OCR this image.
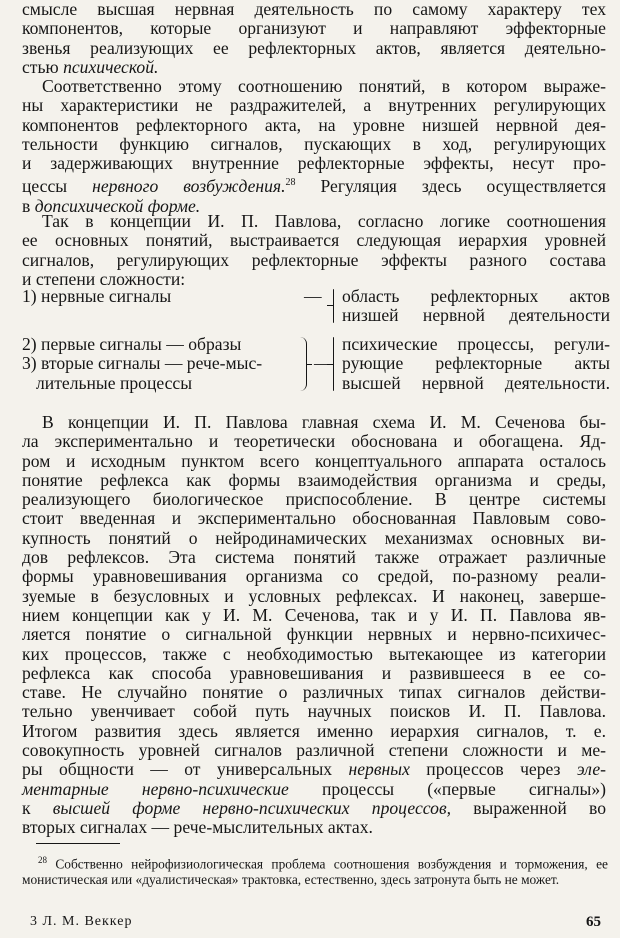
смысле высшая нервная деятельность по самому характеру тех
компонентов, которые организуют и направляют эффекторные
звенья реализующих ее рефлекторных актов, является деятельно-
стью психической.
Соответственно этому соотношению понятий, в котором выраже-
ны характеристики не раздражителей, а внутренних регулирующих
компонентов рефлекторного акта, на уровне низшей нервной дея-
тельности функцию сигналов, пускающих в ход, регулирующих
и задерживающих внутренние рефлекторные эффекты, несут про-
цессы нервного возбуждения.$^{28}$ Регуляция здесь осуществляется
в допсихической форме.
Так в концепции И. П. Павлова, согласно логике соотношения
ее основных понятий, выстраивается следующая иерархия уровней
сигналов, регулирующих рефлекторные эффекты разного состава
и степени сложности:
1) нервные сигналы	— область рефлекторных актов
низшей нервной деятельности
2) первые сигналы — образы
3) вторые сигналы — рече-мыс-
лительные процессы
—
психические процессы, регули-
рующие рефлекторные акты
высшей нервной деятельности.
В концепции И. П. Павлова главная схема И. М. Сеченова бы-
ла экспериментально и теоретически обоснована и обогащена. Яд-
ром и исходным пунктом всего концептуального аппарата осталось
понятие рефлекса как формы взаимодействия организма и среды,
реализующего биологическое приспособление. В центре системы
стоит введенная и экспериментально обоснованная Павловым сово-
купность понятий о нейродинамических механизмах основных ви-
дов рефлексов. Эта система понятий также отражает различные
формы уравновешивания организма со средой, по-разному реали-
зуемые в безусловных и условных рефлексах. И наконец, заверше-
нием концепции как у И. М. Сеченова, так и у И. П. Павлова яв-
ляется понятие о сигнальной функции нервных и нервно-психичес-
ких процессов, также с необходимостью вытекающее из категории
рефлекса как способа уравновешивания и развившееся в ее со-
ставе. Не случайно понятие о различных типах сигналов действи-
тельно увенчивает собой путь научных поисков И. П. Павлова.
Итогом развития здесь является именно иерархия сигналов, т. е.
совокупность уровней сигналов различной степени сложности и ме-
ры общности — от универсальных нервных процессов через эле-
ментарные нервно-психические процессы («первые сигналы»)
к высшей форме нервно-психических процессов, выраженной во
вторых сигналах — рече-мыслительных актах.
$^{28}$ Собственно нейрофизиологическая проблема соотношения возбуждения и торможения, ее монистическая или «дуалистическая» трактовка, естественно, здесь затронута быть не может.
3 Л. М. Веккер	65
